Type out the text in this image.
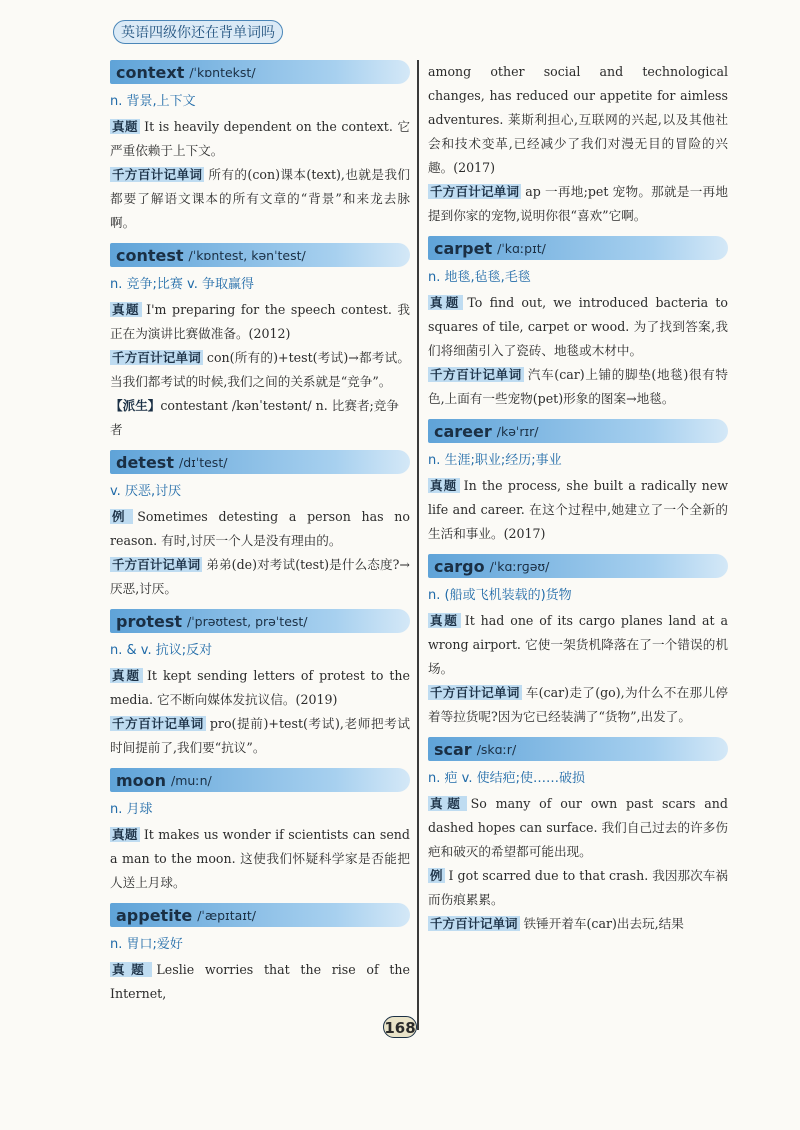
英语四级你还在背单词吗
context /ˈkɒntekst/
n. 背景,上下文

真题 It is heavily dependent on the context. 它严重依赖于上下文。

千方百计记单词 所有的(con)课本(text),也就是我们都要了解语文课本的所有文章的“背景”和来龙去脉啊。

contest /ˈkɒntest, kənˈtest/
n. 竞争;比赛 v. 争取赢得

真题 I'm preparing for the speech contest. 我正在为演讲比赛做准备。(2012)

千方百计记单词 con(所有的)+test(考试)→都考试。当我们都考试的时候,我们之间的关系就是“竞争”。

【派生】contestant /kənˈtestənt/ n. 比赛者;竞争者

detest /dɪˈtest/
v. 厌恶,讨厌

例 Sometimes detesting a person has no reason. 有时,讨厌一个人是没有理由的。

千方百计记单词 弟弟(de)对考试(test)是什么态度?→厌恶,讨厌。

protest /ˈprəʊtest, prəˈtest/
n. & v. 抗议;反对

真题 It kept sending letters of protest to the media. 它不断向媒体发抗议信。(2019)

千方百计记单词 pro(提前)+test(考试),老师把考试时间提前了,我们要“抗议”。

moon /muːn/
n. 月球

真题 It makes us wonder if scientists can send a man to the moon. 这使我们怀疑科学家是否能把人送上月球。

appetite /ˈæpɪtaɪt/
n. 胃口;爱好

真题 Leslie worries that the rise of the Internet,

among other social and technological changes, has reduced our appetite for aimless adventures. 莱斯利担心,互联网的兴起,以及其他社会和技术变革,已经减少了我们对漫无目的冒险的兴趣。(2017)

千方百计记单词 ap 一再地;pet 宠物。那就是一再地提到你家的宠物,说明你很“喜欢”它啊。

carpet /ˈkɑːpɪt/
n. 地毯,毡毯,毛毯

真题 To find out, we introduced bacteria to squares of tile, carpet or wood. 为了找到答案,我们将细菌引入了瓷砖、地毯或木材中。

千方百计记单词 汽车(car)上铺的脚垫(地毯)很有特色,上面有一些宠物(pet)形象的图案→地毯。

career /kəˈrɪr/
n. 生涯;职业;经历;事业

真题 In the process, she built a radically new life and career. 在这个过程中,她建立了一个全新的生活和事业。(2017)

cargo /ˈkɑːrɡəʊ/
n. (船或飞机装载的)货物

真题 It had one of its cargo planes land at a wrong airport. 它使一架货机降落在了一个错误的机场。

千方百计记单词 车(car)走了(go),为什么不在那儿停着等拉货呢?因为它已经装满了“货物”,出发了。

scar /skɑːr/
n. 疤 v. 使结疤;使……破损

真题 So many of our own past scars and dashed hopes can surface. 我们自己过去的许多伤疤和破灭的希望都可能出现。

例 I got scarred due to that crash. 我因那次车祸而伤痕累累。

千方百计记单词 铁锤开着车(car)出去玩,结果

168
